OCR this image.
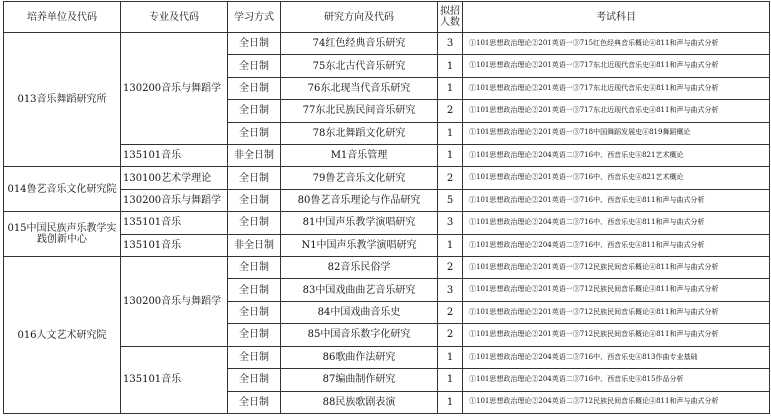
培养单位及代码	专业及代码	学习方式	研究方向及代码	拟招人数	考试科目
013音乐舞蹈研究所	130200音乐与舞蹈学	全日制	74红色经典音乐研究	3	①101思想政治理论②201英语一③715红色经典音乐概论④811和声与曲式分析
		全日制	75东北古代音乐研究	1	①101思想政治理论②201英语一③717东北近现代音乐史④811和声与曲式分析
		全日制	76东北现当代音乐研究	1	①101思想政治理论②201英语一③717东北近现代音乐史④811和声与曲式分析
		全日制	77东北民族民间音乐研究	2	①101思想政治理论②201英语一③717东北近现代音乐史④811和声与曲式分析
		全日制	78东北舞蹈文化研究	1	①101思想政治理论②201英语一③718中国舞蹈发展史④819舞蹈概论
	135101音乐	非全日制	M1音乐管理	1	①101思想政治理论②204英语二③716中、西音乐史④821艺术概论
014鲁艺音乐文化研究院	130100艺术学理论	全日制	79鲁艺音乐文化研究	2	①101思想政治理论②201英语一③716中、西音乐史④821艺术概论
	130200音乐与舞蹈学	全日制	80鲁艺音乐理论与作品研究	5	①101思想政治理论②201英语一③716中、西音乐史④811和声与曲式分析
015中国民族声乐教学实践创新中心	135101音乐	全日制	81中国声乐教学演唱研究	3	①101思想政治理论②204英语二③716中、西音乐史④811和声与曲式分析
	135101音乐	非全日制	N1中国声乐教学演唱研究	1	①101思想政治理论②204英语二③716中、西音乐史④811和声与曲式分析
016人文艺术研究院	130200音乐与舞蹈学	全日制	82音乐民俗学	2	①101思想政治理论②201英语一③712民族民间音乐概论④811和声与曲式分析
		全日制	83中国戏曲曲艺音乐研究	3	①101思想政治理论②201英语一③712民族民间音乐概论④811和声与曲式分析
		全日制	84中国戏曲音乐史	2	①101思想政治理论②201英语一③712民族民间音乐概论④811和声与曲式分析
		全日制	85中国音乐数字化研究	2	①101思想政治理论②201英语一③712民族民间音乐概论④811和声与曲式分析
	135101音乐	全日制	86歌曲作法研究	1	①101思想政治理论②204英语二③716中、西音乐史④813作曲专业基础
		全日制	87编曲制作研究	1	①101思想政治理论②204英语二③716中、西音乐史④815作品分析
		全日制	88民族歌剧表演	1	①101思想政治理论②204英语二③712民族民间音乐概论④811和声与曲式分析
